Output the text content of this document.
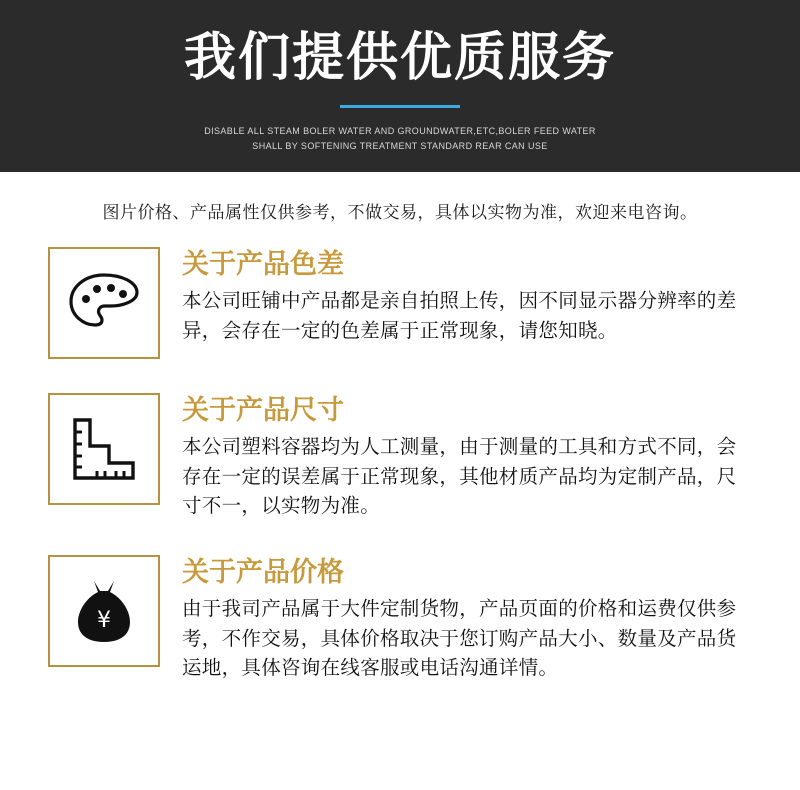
我们提供优质服务
DISABLE ALL STEAM BOLER WATER AND GROUNDWATER,ETC,BOLER FEED WATER
SHALL BY SOFTENING TREATMENT STANDARD REAR CAN USE
图片价格、产品属性仅供参考，不做交易，具体以实物为准，欢迎来电咨询。
关于产品色差
本公司旺铺中产品都是亲自拍照上传，因不同显示器分辨率的差异，会存在一定的色差属于正常现象，请您知晓。
关于产品尺寸
本公司塑料容器均为人工测量，由于测量的工具和方式不同，会存在一定的误差属于正常现象，其他材质产品均为定制产品，尺寸不一，以实物为准。
¥
关于产品价格
由于我司产品属于大件定制货物，产品页面的价格和运费仅供参考，不作交易，具体价格取决于您订购产品大小、数量及产品货运地，具体咨询在线客服或电话沟通详情。
